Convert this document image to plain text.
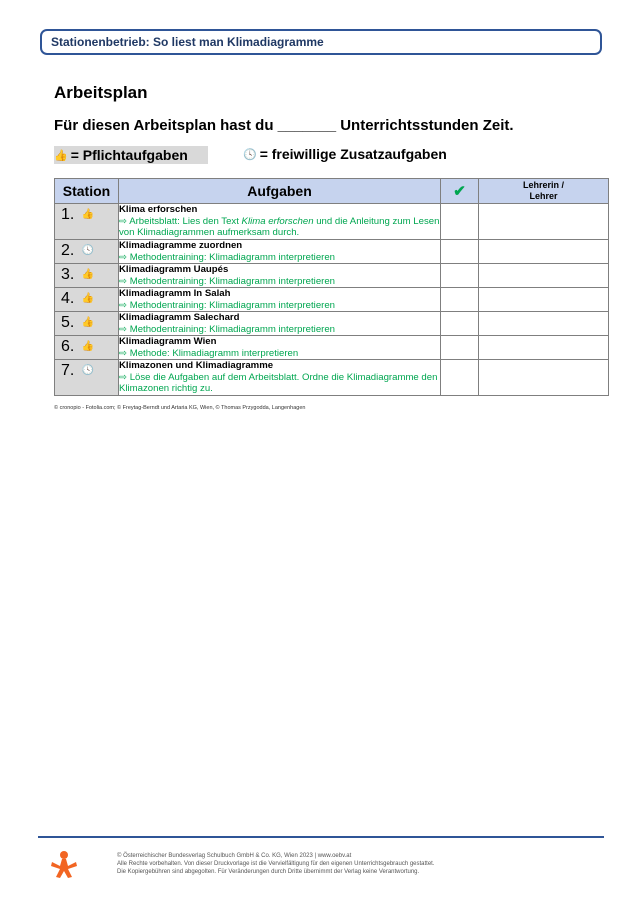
Stationenbetrieb: So liest man Klimadiagramme
Arbeitsplan
Für diesen Arbeitsplan hast du _______ Unterrichtsstunden Zeit.
👍 = Pflichtaufgaben	🕓 = freiwillige Zusatzaufgaben
Station	Aufgaben	✔	Lehrerin /
Lehrer
1. 👍	Klima erforschen
⇨ Arbeitsblatt: Lies den Text Klima erforschen und die Anleitung zum Lesen von Klimadiagrammen aufmerksam durch.		

2. 🕓	Klimadiagramme zuordnen
⇨ Methodentraining: Klimadiagramm interpretieren		

3. 👍	Klimadiagramm Uaupés
⇨ Methodentraining: Klimadiagramm interpretieren		

4. 👍	Klimadiagramm In Salah
⇨ Methodentraining: Klimadiagramm interpretieren		

5. 👍	Klimadiagramm Salechard
⇨ Methodentraining: Klimadiagramm interpretieren		

6. 👍	Klimadiagramm Wien
⇨ Methode: Klimadiagramm interpretieren		

7. 🕓	Klimazonen und Klimadiagramme
⇨ Löse die Aufgaben auf dem Arbeitsblatt. Ordne die Klimadiagramme den Klimazonen richtig zu.		

© cronopio - Fotolia.com; © Freytag-Berndt und Artaria KG, Wien, © Thomas Przygodda, Langenhagen
© Österreichischer Bundesverlag Schulbuch GmbH & Co. KG, Wien 2023 | www.oebv.at
Alle Rechte vorbehalten. Von dieser Druckvorlage ist die Vervielfältigung für den eigenen Unterrichtsgebrauch gestattet.
Die Kopiergebühren sind abgegolten. Für Veränderungen durch Dritte übernimmt der Verlag keine Verantwortung.
